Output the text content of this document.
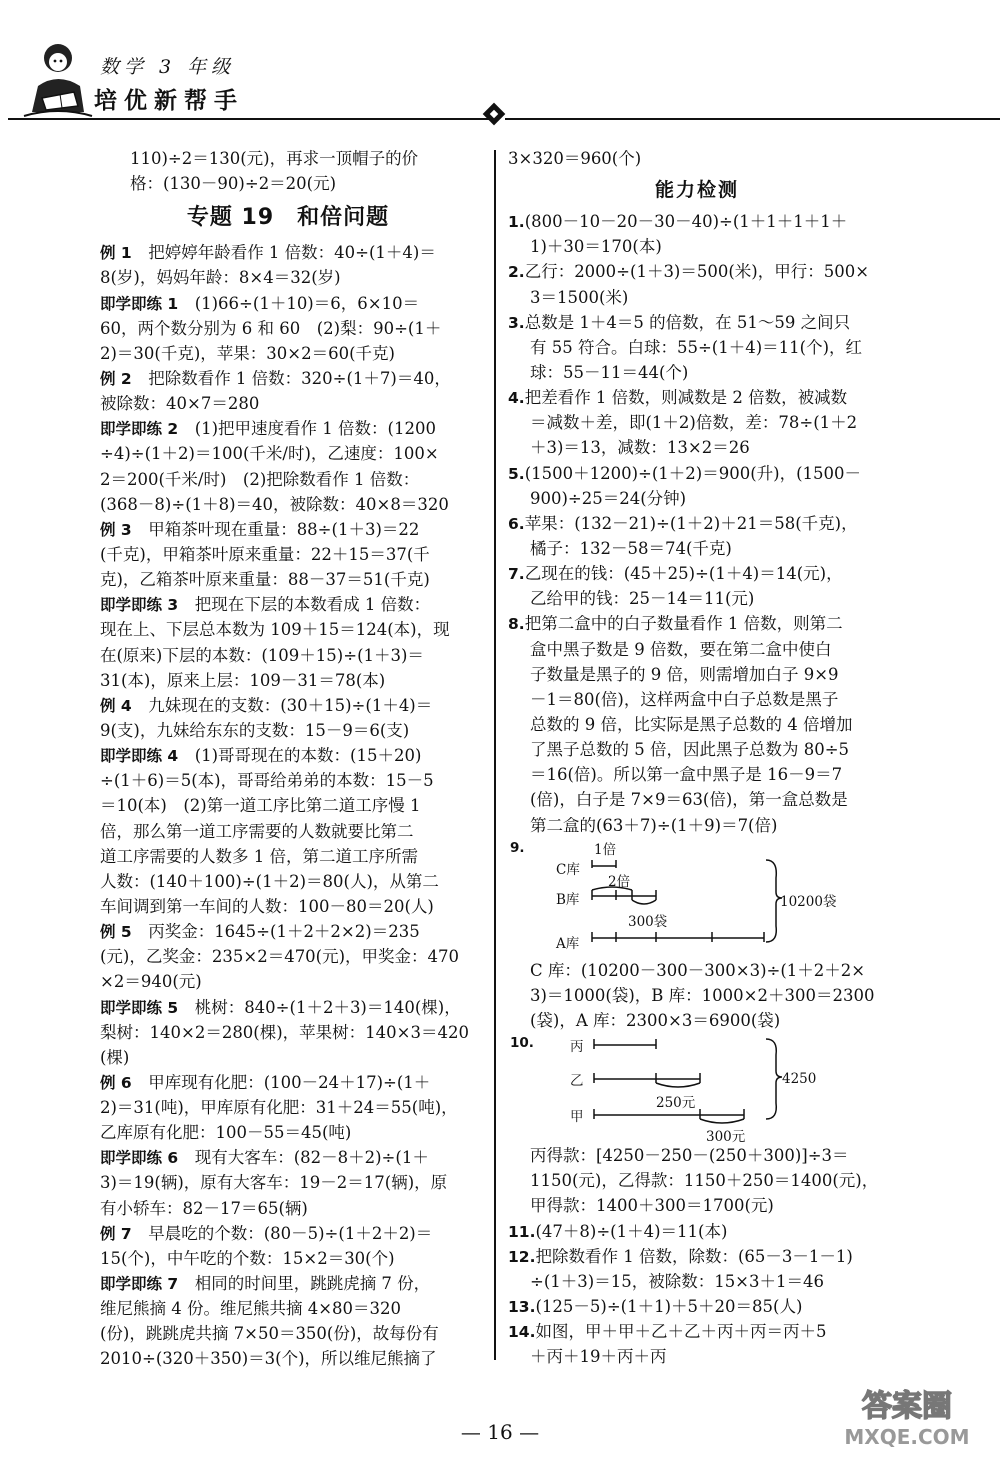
数学 3 年级
培优新帮手
110)÷2＝130(元)，再求一顶帽子的价
格：(130－90)÷2＝20(元)
专题 19　和倍问题
例 1　把婷婷年龄看作 1 倍数：40÷(1＋4)＝
8(岁)，妈妈年龄：8×4＝32(岁)
即学即练 1　(1)66÷(1＋10)＝6，6×10＝
60，两个数分别为 6 和 60　(2)梨：90÷(1＋
2)＝30(千克)，苹果：30×2＝60(千克)
例 2　把除数看作 1 倍数：320÷(1＋7)＝40，
被除数：40×7＝280
即学即练 2　(1)把甲速度看作 1 倍数：(1200
÷4)÷(1＋2)＝100(千米/时)，乙速度：100×
2＝200(千米/时)　(2)把除数看作 1 倍数：
(368－8)÷(1＋8)＝40，被除数：40×8＝320
例 3　甲箱茶叶现在重量：88÷(1＋3)＝22
(千克)，甲箱茶叶原来重量：22＋15＝37(千
克)，乙箱茶叶原来重量：88－37＝51(千克)
即学即练 3　把现在下层的本数看成 1 倍数：
现在上、下层总本数为 109＋15＝124(本)，现
在(原来)下层的本数：(109＋15)÷(1＋3)＝
31(本)，原来上层：109－31＝78(本)
例 4　九妹现在的支数：(30＋15)÷(1＋4)＝
9(支)，九妹给东东的支数：15－9＝6(支)
即学即练 4　(1)哥哥现在的本数：(15＋20)
÷(1＋6)＝5(本)，哥哥给弟弟的本数：15－5
＝10(本)　(2)第一道工序比第二道工序慢 1
倍，那么第一道工序需要的人数就要比第二
道工序需要的人数多 1 倍，第二道工序所需
人数：(140＋100)÷(1＋2)＝80(人)，从第二
车间调到第一车间的人数：100－80＝20(人)
例 5　丙奖金：1645÷(1＋2＋2×2)＝235
(元)，乙奖金：235×2＝470(元)，甲奖金：470
×2＝940(元)
即学即练 5　桃树：840÷(1＋2＋3)＝140(棵)，
梨树：140×2＝280(棵)，苹果树：140×3＝420
(棵)
例 6　甲库现有化肥：(100－24＋17)÷(1＋
2)＝31(吨)，甲库原有化肥：31＋24＝55(吨)，
乙库原有化肥：100－55＝45(吨)
即学即练 6　现有大客车：(82－8＋2)÷(1＋
3)＝19(辆)，原有大客车：19－2＝17(辆)，原
有小轿车：82－17＝65(辆)
例 7　早晨吃的个数：(80－5)÷(1＋2＋2)＝
15(个)，中午吃的个数：15×2＝30(个)
即学即练 7　相同的时间里，跳跳虎摘 7 份，
维尼熊摘 4 份。维尼熊共摘 4×80＝320
(份)，跳跳虎共摘 7×50＝350(份)，故每份有
2010÷(320＋350)＝3(个)，所以维尼熊摘了
3×320＝960(个)
能力检测
1.(800－10－20－30－40)÷(1＋1＋1＋1＋
1)＋30＝170(本)
2.乙行：2000÷(1＋3)＝500(米)，甲行：500×
3＝1500(米)
3.总数是 1＋4＝5 的倍数，在 51～59 之间只
有 55 符合。白球：55÷(1＋4)＝11(个)，红
球：55－11＝44(个)
4.把差看作 1 倍数，则减数是 2 倍数，被减数
＝减数＋差，即(1＋2)倍数，差：78÷(1＋2
＋3)＝13，减数：13×2＝26
5.(1500＋1200)÷(1＋2)＝900(升)，(1500－
900)÷25＝24(分钟)
6.苹果：(132－21)÷(1＋2)＋21＝58(千克)，
橘子：132－58＝74(千克)
7.乙现在的钱：(45＋25)÷(1＋4)＝14(元)，
乙给甲的钱：25－14＝11(元)
8.把第二盒中的白子数量看作 1 倍数，则第二
盒中黑子数是 9 倍数，要在第二盒中使白
子数量是黑子的 9 倍，则需增加白子 9×9
－1＝80(倍)，这样两盒中白子总数是黑子
总数的 9 倍，比实际是黑子总数的 4 倍增加
了黑子总数的 5 倍，因此黑子总数为 80÷5
＝16(倍)。所以第一盒中黑子是 16－9＝7
(倍)，白子是 7×9＝63(倍)，第一盒总数是
第二盒的(63＋7)÷(1＋9)＝7(倍)
9.
C库
1倍
B库
2倍
300袋
A库
10200袋
C 库：(10200－300－300×3)÷(1＋2＋2×
3)＝1000(袋)，B 库：1000×2＋300＝2300
(袋)，A 库：2300×3＝6900(袋)
10.	丙
乙
甲
250元
300元
4250
丙得款：[4250－250－(250＋300)]÷3＝
1150(元)，乙得款：1150＋250＝1400(元)，
甲得款：1400＋300＝1700(元)
11.(47＋8)÷(1＋4)＝11(本)
12.把除数看作 1 倍数，除数：(65－3－1－1)
÷(1＋3)＝15，被除数：15×3＋1＝46
13.(125－5)÷(1＋1)＋5＋20＝85(人)
14.如图，甲＋甲＋乙＋乙＋丙＋丙＝丙＋5
＋丙＋19＋丙＋丙
— 16 —
答案圈
MXQE.COM
